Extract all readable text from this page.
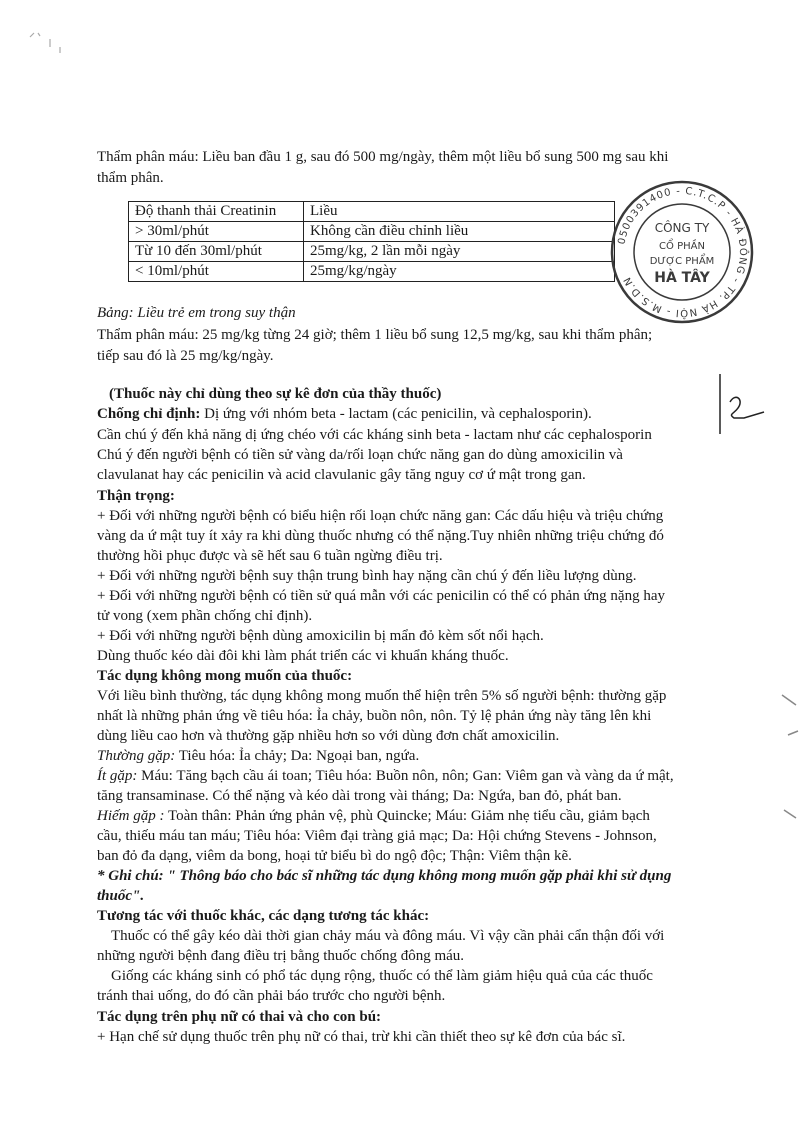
Thẩm phân máu: Liều ban đầu 1 g, sau đó 500 mg/ngày, thêm một liều bổ sung 500 mg sau khi
thẩm phân.
Độ thanh thải Creatinin	Liều
> 30ml/phút	Không cần điều chỉnh liều
Từ 10 đến 30ml/phút	25mg/kg, 2 lần mỗi ngày
< 10ml/phút	25mg/kg/ngày
0500391400 - C.T.C.P - HÀ ĐÔNG - TP. HÀ NỘI - M.S.D.N
CÔNG TY
CỔ PHẦN
DƯỢC PHẨM
HÀ TÂY
Bảng: Liều trẻ em trong suy thận
Thẩm phân máu: 25 mg/kg từng 24 giờ; thêm 1 liều bổ sung 12,5 mg/kg, sau khi thẩm phân;
tiếp sau đó là 25 mg/kg/ngày.
(Thuốc này chỉ dùng theo sự kê đơn của thầy thuốc)
Chống chỉ định: Dị ứng với nhóm beta - lactam (các penicilin, và cephalosporin).
Cần chú ý đến khả năng dị ứng chéo với các kháng sinh beta - lactam như các cephalosporin
Chú ý đến người bệnh có tiền sử vàng da/rối loạn chức năng gan do dùng amoxicilin và
clavulanat hay các penicilin và acid clavulanic gây tăng nguy cơ ứ mật trong gan.
Thận trọng:
+ Đối với những người bệnh có biểu hiện rối loạn chức năng gan: Các dấu hiệu và triệu chứng
vàng da ứ mật tuy ít xảy ra khi dùng thuốc nhưng có thể nặng.Tuy nhiên những triệu chứng đó
thường hồi phục được và sẽ hết sau 6 tuần ngừng điều trị.
+ Đối với những người bệnh suy thận trung bình hay nặng cần chú ý đến liều lượng dùng.
+ Đối với những người bệnh có tiền sử quá mẫn với các penicilin có thể có phản ứng nặng hay
tử vong (xem phần chống chỉ định).
+ Đối với những người bệnh dùng amoxicilin bị mẩn đỏ kèm sốt nổi hạch.
Dùng thuốc kéo dài đôi khi làm phát triển các vi khuẩn kháng thuốc.
Tác dụng không mong muốn của thuốc:
Với liều bình thường, tác dụng không mong muốn thể hiện trên 5% số người bệnh: thường gặp
nhất là những phản ứng về tiêu hóa: Ỉa chảy, buồn nôn, nôn. Tỷ lệ phản ứng này tăng lên khi
dùng liều cao hơn và thường gặp nhiều hơn so với dùng đơn chất amoxicilin.
Thường gặp: Tiêu hóa: Ỉa chảy; Da: Ngoại ban, ngứa.
Ít gặp: Máu: Tăng bạch cầu ái toan; Tiêu hóa: Buồn nôn, nôn; Gan: Viêm gan và vàng da ứ mật,
tăng transaminase. Có thể nặng và kéo dài trong vài tháng; Da: Ngứa, ban đỏ, phát ban.
Hiếm gặp : Toàn thân: Phản ứng phản vệ, phù Quincke; Máu: Giảm nhẹ tiểu cầu, giảm bạch
cầu, thiếu máu tan máu; Tiêu hóa: Viêm đại tràng giả mạc; Da: Hội chứng Stevens - Johnson,
ban đỏ đa dạng, viêm da bong, hoại tử biểu bì do ngộ độc; Thận: Viêm thận kẽ.
* Ghi chú: " Thông báo cho bác sĩ những tác dụng không mong muốn gặp phải khi sử dụng
thuốc".
Tương tác với thuốc khác, các dạng tương tác khác:
Thuốc có thể gây kéo dài thời gian chảy máu và đông máu. Vì vậy cần phải cẩn thận đối với
những người bệnh đang điều trị bằng thuốc chống đông máu.
Giống các kháng sinh có phổ tác dụng rộng, thuốc có thể làm giảm hiệu quả của các thuốc
tránh thai uống, do đó cần phải báo trước cho người bệnh.
Tác dụng trên phụ nữ có thai và cho con bú:
+ Hạn chế sử dụng thuốc trên phụ nữ có thai, trừ khi cần thiết theo sự kê đơn của bác sĩ.
